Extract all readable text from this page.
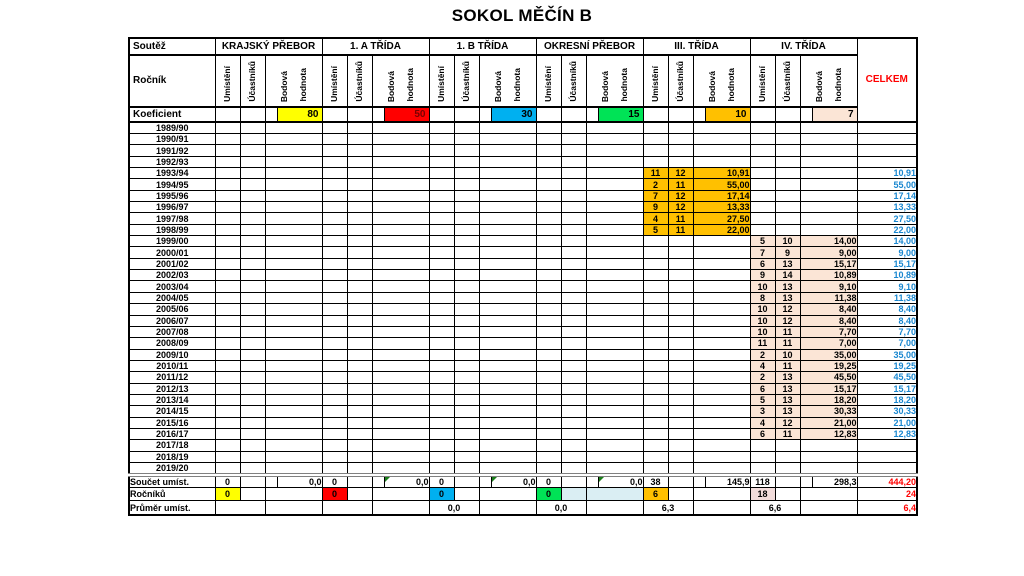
SOKOL MĚČÍN B
Soutěž	KRAJSKÝ PŘEBOR				1. A TŘÍDA				1. B TŘÍDA				OKRESNÍ PŘEBOR				III. TŘÍDA				IV. TŘÍDA				CELKEM
Ročník	Umístění	Účastníků	Bodová hodnota		Umístění	Účastníků	Bodová hodnota		Umístění	Účastníků	Bodová hodnota		Umístění	Účastníků	Bodová hodnota		Umístění	Účastníků	Bodová hodnota		Umístění	Účastníků	Bodová hodnota		
Koeficient				80				50				30				15				10				7	
1989/90																									
1990/91																									
1991/92																									
1992/93																									
1993/94																	11	12	10,91						10,91
1994/95																	2	11	55,00						55,00
1995/96																	7	12	17,14						17,14
1996/97																	9	12	13,33						13,33
1997/98																	4	11	27,50						27,50
1998/99																	5	11	22,00						22,00
1999/00																					5	10	14,00		14,00
2000/01																					7	9	9,00		9,00
2001/02																					6	13	15,17		15,17
2002/03																					9	14	10,89		10,89
2003/04																					10	13	9,10		9,10
2004/05																					8	13	11,38		11,38
2005/06																					10	12	8,40		8,40
2006/07																					10	12	8,40		8,40
2007/08																					10	11	7,70		7,70
2008/09																					11	11	7,00		7,00
2009/10																					2	10	35,00		35,00
2010/11																					4	11	19,25		19,25
2011/12																					2	13	45,50		45,50
2012/13																					6	13	15,17		15,17
2013/14																					5	13	18,20		18,20
2014/15																					3	13	30,33		30,33
2015/16																					4	12	21,00		21,00
2016/17																					6	11	12,83		12,83
2017/18																									
2018/19																									
2019/20																									
Součet umíst.	0			0,0	0			0,0	0			0,0	0			0,0	38			145,9	118			298,3	444,20
Ročníků	0				0				0				0				6				18				24
Průměr umíst.									0,0				0,0				6,3				6,6				6,4
